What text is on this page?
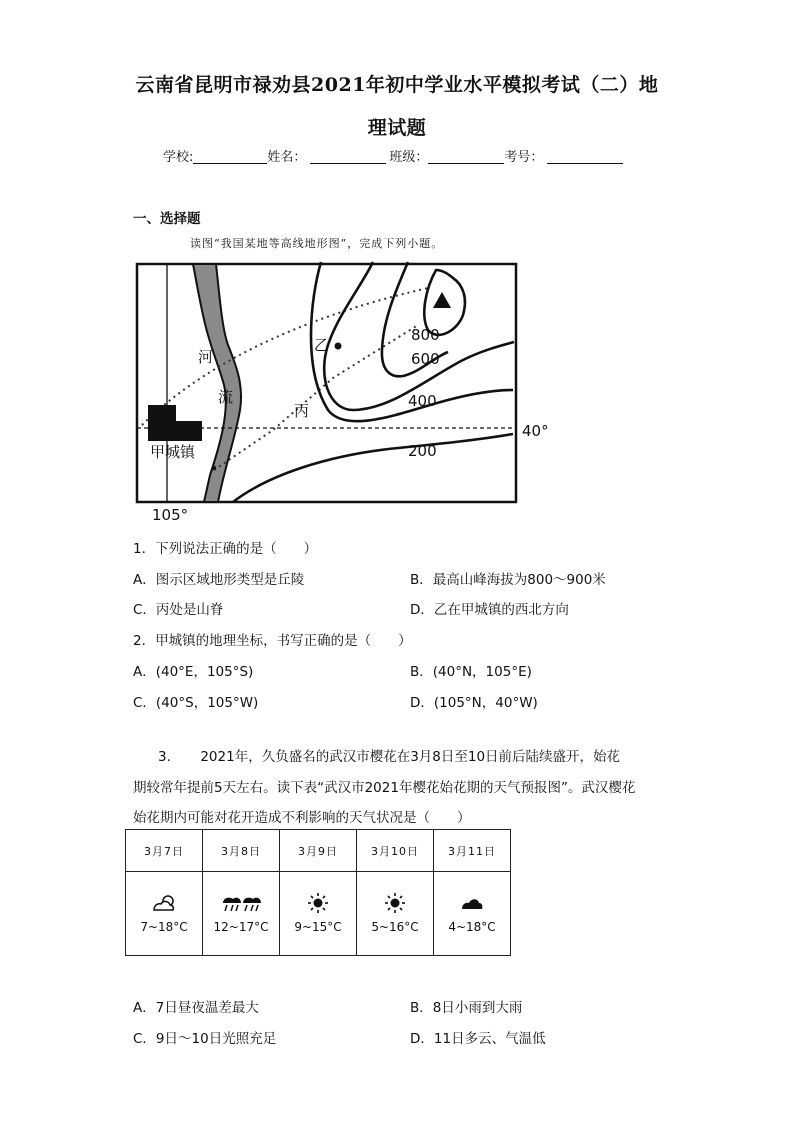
云南省昆明市禄劝县2021年初中学业水平模拟考试（二）地
理试题
学校:	姓名：	班级：	考号：
一、选择题
读图“我国某地等高线地形图”，完成下列小题。
800
600
400
200
河
流
乙
丙
甲城镇
40°
105°
1．下列说法正确的是（　　）
A．图示区域地形类型是丘陵	B．最高山峰海拔为800～900米
C．丙处是山脊	D．乙在甲城镇的西北方向
2．甲城镇的地理坐标，书写正确的是（　　）
A．(40°E，105°S)	B．(40°N，105°E)
C．(40°S，105°W)	D．(105°N，40°W)
3．　　2021年，久负盛名的武汉市樱花在3月8日至10日前后陆续盛开，始花
期较常年提前5天左右。读下表“武汉市2021年樱花始花期的天气预报图”。武汉樱花
始花期内可能对花开造成不利影响的天气状况是（　　）
3月7日	3月8日	3月9日	3月10日	3月11日

7~18°C	12~17°C	9~15°C	5~16°C	4~18°C
A．7日昼夜温差最大	B．8日小雨到大雨
C．9日～10日光照充足	D．11日多云、气温低
